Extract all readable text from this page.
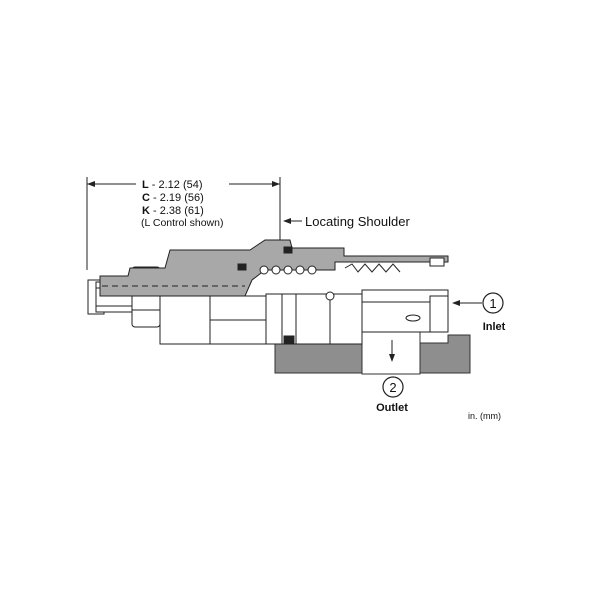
L - 2.12 (54)
C - 2.19 (56)
K - 2.38 (61)
(L Control shown)	Locating Shoulder
1
Inlet
2
Outlet
in. (mm)
